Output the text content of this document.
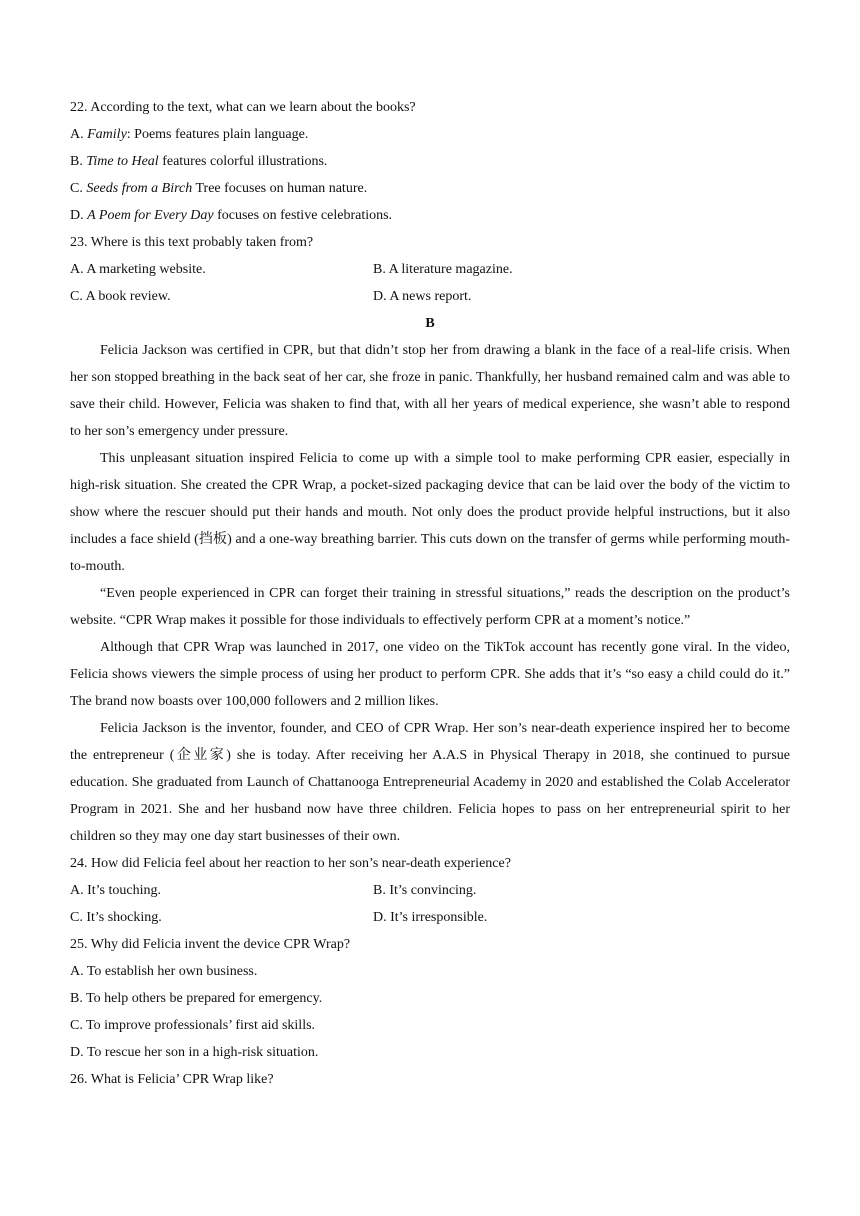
22. According to the text, what can we learn about the books?
A. Family: Poems features plain language.
B. Time to Heal features colorful illustrations.
C. Seeds from a Birch Tree focuses on human nature.
D. A Poem for Every Day focuses on festive celebrations.
23. Where is this text probably taken from?
A. A marketing website.	B. A literature magazine.
C. A book review.	D. A news report.
B

Felicia Jackson was certified in CPR, but that didn’t stop her from drawing a blank in the face of a real-life crisis. When her son stopped breathing in the back seat of her car, she froze in panic. Thankfully, her husband remained calm and was able to save their child. However, Felicia was shaken to find that, with all her years of medical experience, she wasn’t able to respond to her son’s emergency under pressure.

This unpleasant situation inspired Felicia to come up with a simple tool to make performing CPR easier, especially in high-risk situation. She created the CPR Wrap, a pocket-sized packaging device that can be laid over the body of the victim to show where the rescuer should put their hands and mouth. Not only does the product provide helpful instructions, but it also includes a face shield (挡板) and a one-way breathing barrier. This cuts down on the transfer of germs while performing mouth-to-mouth.

“Even people experienced in CPR can forget their training in stressful situations,” reads the description on the product’s website. “CPR Wrap makes it possible for those individuals to effectively perform CPR at a moment’s notice.”

Although that CPR Wrap was launched in 2017, one video on the TikTok account has recently gone viral. In the video, Felicia shows viewers the simple process of using her product to perform CPR. She adds that it’s “so easy a child could do it.” The brand now boasts over 100,000 followers and 2 million likes.

Felicia Jackson is the inventor, founder, and CEO of CPR Wrap. Her son’s near-death experience inspired her to become the entrepreneur (企业家) she is today. After receiving her A.A.S in Physical Therapy in 2018, she continued to pursue education. She graduated from Launch of Chattanooga Entrepreneurial Academy in 2020 and established the Colab Accelerator Program in 2021. She and her husband now have three children. Felicia hopes to pass on her entrepreneurial spirit to her children so they may one day start businesses of their own.

24. How did Felicia feel about her reaction to her son’s near-death experience?
A. It’s touching.	B. It’s convincing.
C. It’s shocking.	D. It’s irresponsible.
25. Why did Felicia invent the device CPR Wrap?
A. To establish her own business.
B. To help others be prepared for emergency.
C. To improve professionals’ first aid skills.
D. To rescue her son in a high-risk situation.
26. What is Felicia’ CPR Wrap like?
